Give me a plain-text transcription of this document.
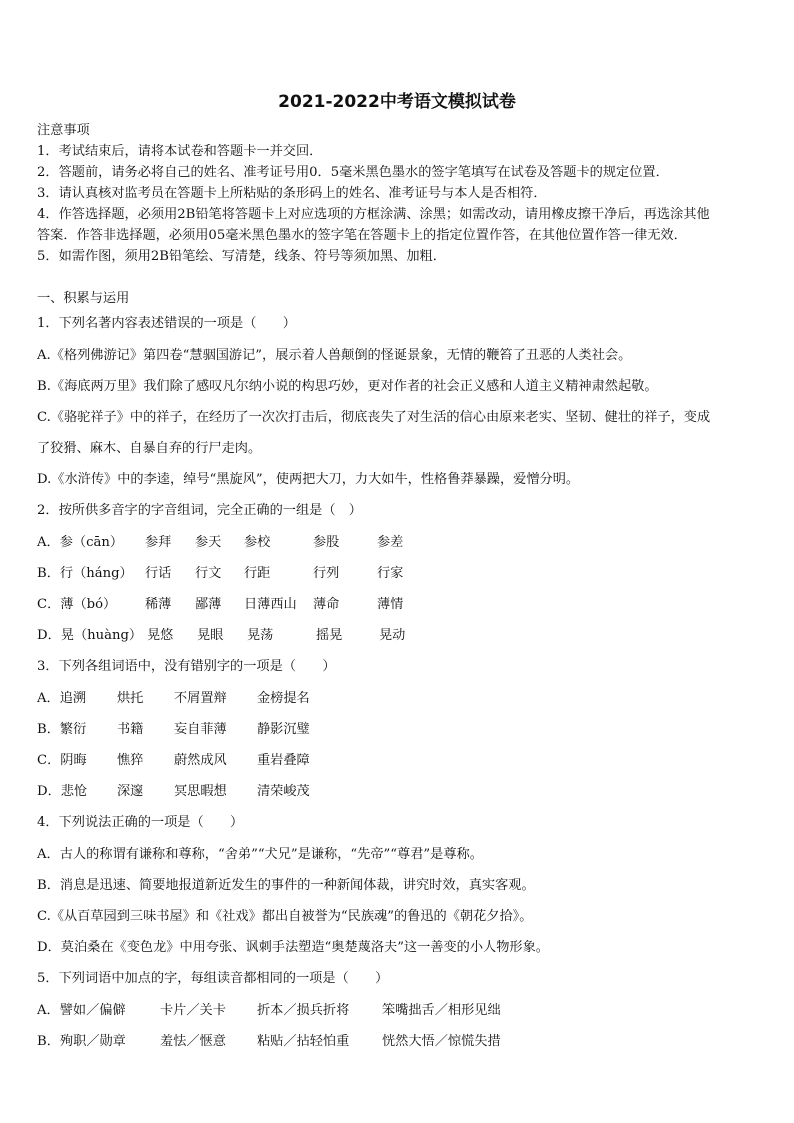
2021-2022中考语文模拟试卷
注意事项
1．考试结束后，请将本试卷和答题卡一并交回．
2．答题前，请务必将自己的姓名、准考证号用0．5毫米黑色墨水的签字笔填写在试卷及答题卡的规定位置．
3．请认真核对监考员在答题卡上所粘贴的条形码上的姓名、准考证号与本人是否相符．
4．作答选择题，必须用2B铅笔将答题卡上对应选项的方框涂满、涂黑；如需改动，请用橡皮擦干净后，再选涂其他
答案．作答非选择题，必须用05毫米黑色墨水的签字笔在答题卡上的指定位置作答，在其他位置作答一律无效．
5．如需作图，须用2B铅笔绘、写清楚，线条、符号等须加黑、加粗．
一、积累与运用
1．下列名著内容表述错误的一项是（　　）
A.《格列佛游记》第四卷“慧骃国游记”，展示着人兽颠倒的怪诞景象，无情的鞭笞了丑恶的人类社会。
B.《海底两万里》我们除了感叹凡尔纳小说的构思巧妙，更对作者的社会正义感和人道主义精神肃然起敬。
C.《骆驼祥子》中的祥子，在经历了一次次打击后，彻底丧失了对生活的信心由原来老实、坚韧、健壮的祥子，变成
了狡猾、麻木、自暴自弃的行尸走肉。
D.《水浒传》中的李逵，绰号“黑旋风”，使两把大刀，力大如牛，性格鲁莽暴躁，爱憎分明。
2．按所供多音字的字音组词，完全正确的一组是（　）
A．参（cān） 参拜 参天 参校	参股	参差
B．行（háng） 行话 行文 行距	行列	行家
C．薄（bó） 稀薄 鄙薄 日薄西山 薄命	薄情
D．晃（huàng） 晃悠 晃眼 晃荡	摇晃	晃动
3．下列各组词语中，没有错别字的一项是（　　）
A．追溯 烘托 不屑置辩 金榜提名
B．繁衍 书籍 妄自菲薄 静影沉璧
C．阴晦 憔猝 蔚然成风 重岩叠障
D．悲怆 深邃 冥思暇想 清荣峻茂
4．下列说法正确的一项是（　　）
A．古人的称谓有谦称和尊称，“舍弟”“犬兄”是谦称，“先帝”“尊君”是尊称。
B．消息是迅速、简要地报道新近发生的事件的一种新闻体裁，讲究时效，真实客观。
C.《从百草园到三味书屋》和《社戏》都出自被誉为“民族魂”的鲁迅的《朝花夕拾》。
D．莫泊桑在《变色龙》中用夸张、讽刺手法塑造“奥楚蔑洛夫”这一善变的小人物形象。
5．下列词语中加点的字，每组读音都相同的一项是（　　）
A．譬如／偏僻	卡片／关卡 折本／损兵折将 笨嘴拙舌／相形见绌
B．殉职／勋章	羞怯／惬意 粘贴／拈轻怕重 恍然大悟／惊慌失措
